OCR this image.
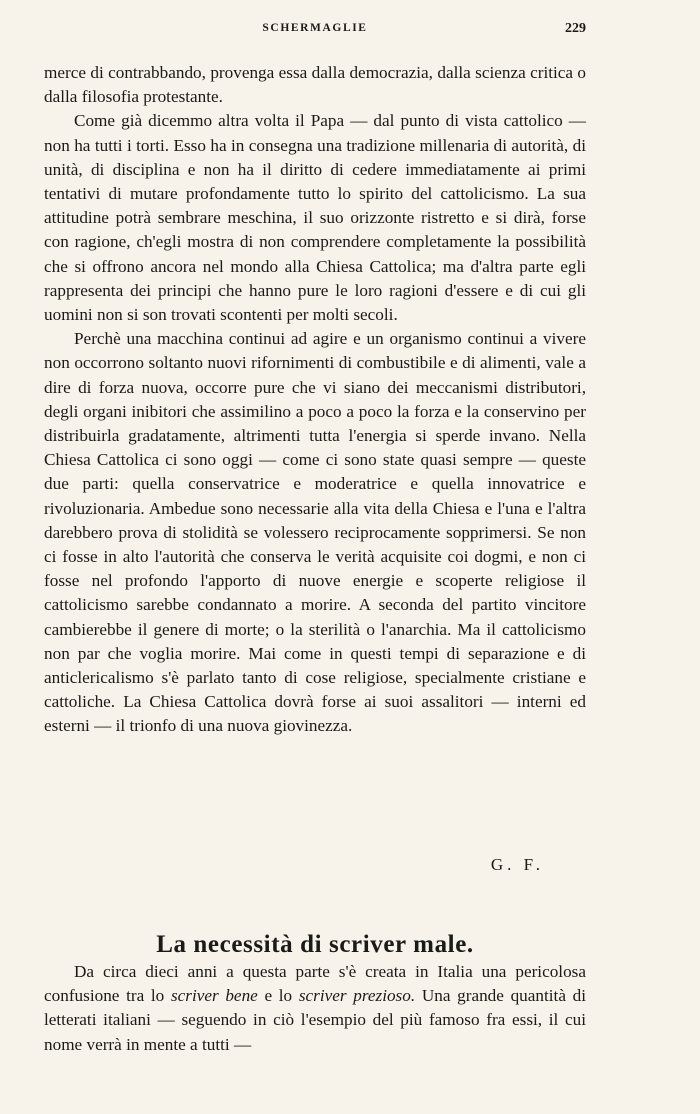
SCHERMAGLIE	229

merce di contrabbando, provenga essa dalla democrazia, dalla scienza critica o dalla filosofia protestante.

Come già dicemmo altra volta il Papa — dal punto di vista cattolico — non ha tutti i torti. Esso ha in consegna una tradizione millenaria di autorità, di unità, di disciplina e non ha il diritto di cedere immediatamente ai primi tentativi di mutare profondamente tutto lo spirito del cattolicismo. La sua attitudine potrà sembrare meschina, il suo orizzonte ristretto e si dirà, forse con ragione, ch'egli mostra di non comprendere completamente la possibilità che si offrono ancora nel mondo alla Chiesa Cattolica; ma d'altra parte egli rappresenta dei principi che hanno pure le loro ragioni d'essere e di cui gli uomini non si son trovati scontenti per molti secoli.

Perchè una macchina continui ad agire e un organismo continui a vivere non occorrono soltanto nuovi rifornimenti di combustibile e di alimenti, vale a dire di forza nuova, occorre pure che vi siano dei meccanismi distributori, degli organi inibitori che assimilino a poco a poco la forza e la conservino per distribuirla gradatamente, altrimenti tutta l'energia si sperde invano. Nella Chiesa Cattolica ci sono oggi — come ci sono state quasi sempre — queste due parti: quella conservatrice e moderatrice e quella innovatrice e rivoluzionaria. Ambedue sono necessarie alla vita della Chiesa e l'una e l'altra darebbero prova di stolidità se volessero reciprocamente sopprimersi. Se non ci fosse in alto l'autorità che conserva le verità acquisite coi dogmi, e non ci fosse nel profondo l'apporto di nuove energie e scoperte religiose il cattolicismo sarebbe condannato a morire. A seconda del partito vincitore cambierebbe il genere di morte; o la sterilità o l'anarchia. Ma il cattolicismo non par che voglia morire. Mai come in questi tempi di separazione e di anticlericalismo s'è parlato tanto di cose religiose, specialmente cristiane e cattoliche. La Chiesa Cattolica dovrà forse ai suoi assalitori — interni ed esterni — il trionfo di una nuova giovinezza.

G. F.
La necessità di scriver male.

Da circa dieci anni a questa parte s'è creata in Italia una pericolosa confusione tra lo scriver bene e lo scriver prezioso. Una grande quantità di letterati italiani — seguendo in ciò l'esempio del più famoso fra essi, il cui nome verrà in mente a tutti —
